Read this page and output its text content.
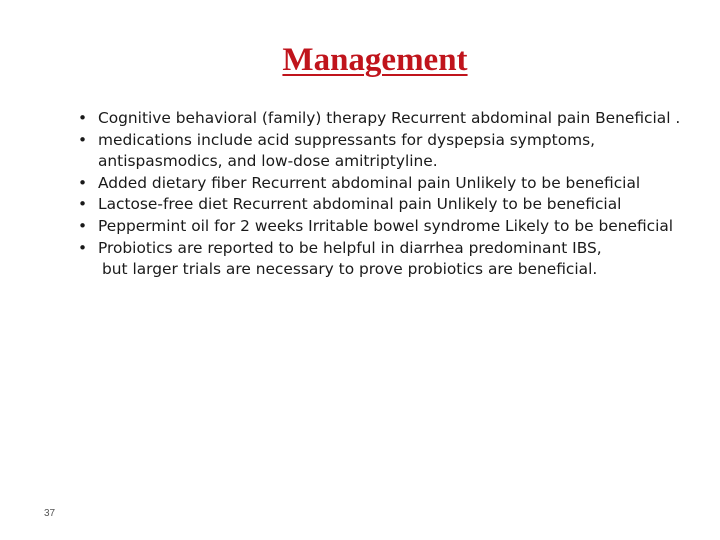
Management
• Cognitive behavioral (family) therapy Recurrent abdominal pain Beneficial .
• medications include acid suppressants for dyspepsia symptoms, antispasmodics, and low-dose amitriptyline.
• Added dietary fiber Recurrent abdominal pain Unlikely to be beneficial
• Lactose-free diet Recurrent abdominal pain Unlikely to be beneficial
• Peppermint oil for 2 weeks Irritable bowel syndrome Likely to be beneficial
• Probiotics are reported to be helpful in diarrhea predominant IBS,
but larger trials are necessary to prove probiotics are beneficial.
37
